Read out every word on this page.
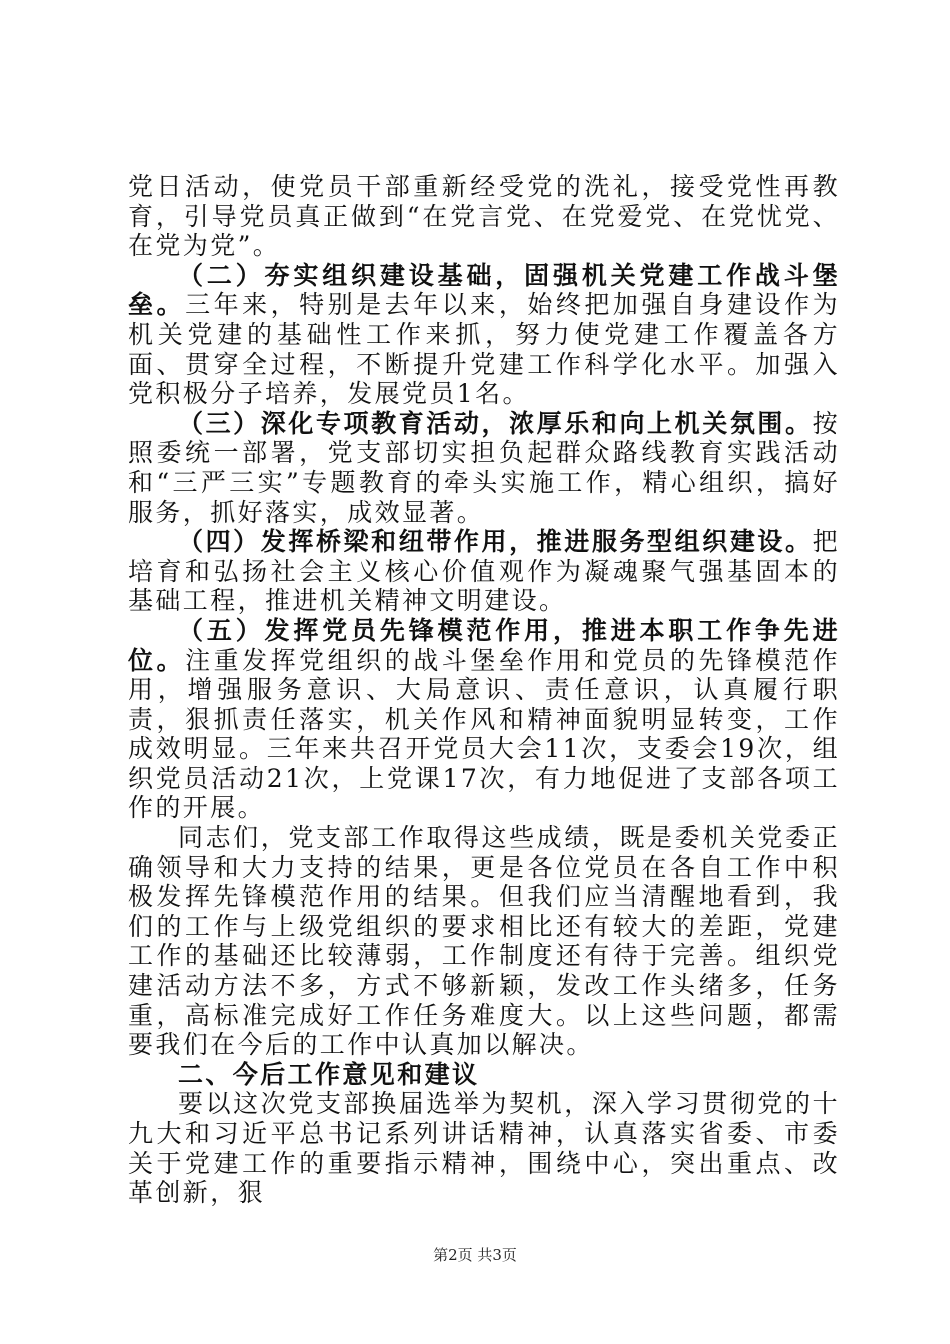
党日活动，使党员干部重新经受党的洗礼，接受党性再教育，引导党员真正做到“在党言党、在党爱党、在党忧党、在党为党”。

（二）夯实组织建设基础，固强机关党建工作战斗堡垒。三年来，特别是去年以来，始终把加强自身建设作为机关党建的基础性工作来抓，努力使党建工作覆盖各方面、贯穿全过程，不断提升党建工作科学化水平。加强入党积极分子培养，发展党员1名。

（三）深化专项教育活动，浓厚乐和向上机关氛围。按照委统一部署，党支部切实担负起群众路线教育实践活动和“三严三实”专题教育的牵头实施工作，精心组织，搞好服务，抓好落实，成效显著。

（四）发挥桥梁和纽带作用，推进服务型组织建设。把培育和弘扬社会主义核心价值观作为凝魂聚气强基固本的基础工程，推进机关精神文明建设。

（五）发挥党员先锋模范作用，推进本职工作争先进位。注重发挥党组织的战斗堡垒作用和党员的先锋模范作用，增强服务意识、大局意识、责任意识，认真履行职责，狠抓责任落实，机关作风和精神面貌明显转变，工作成效明显。三年来共召开党员大会11次，支委会19次，组织党员活动21次，上党课17次，有力地促进了支部各项工作的开展。

同志们，党支部工作取得这些成绩，既是委机关党委正确领导和大力支持的结果，更是各位党员在各自工作中积极发挥先锋模范作用的结果。但我们应当清醒地看到，我们的工作与上级党组织的要求相比还有较大的差距，党建工作的基础还比较薄弱，工作制度还有待于完善。组织党建活动方法不多，方式不够新颖，发改工作头绪多，任务重，高标准完成好工作任务难度大。以上这些问题，都需要我们在今后的工作中认真加以解决。

二、今后工作意见和建议

要以这次党支部换届选举为契机，深入学习贯彻党的十九大和习近平总书记系列讲话精神，认真落实省委、市委关于党建工作的重要指示精神，围绕中心，突出重点、改革创新，狠

第2页 共3页
